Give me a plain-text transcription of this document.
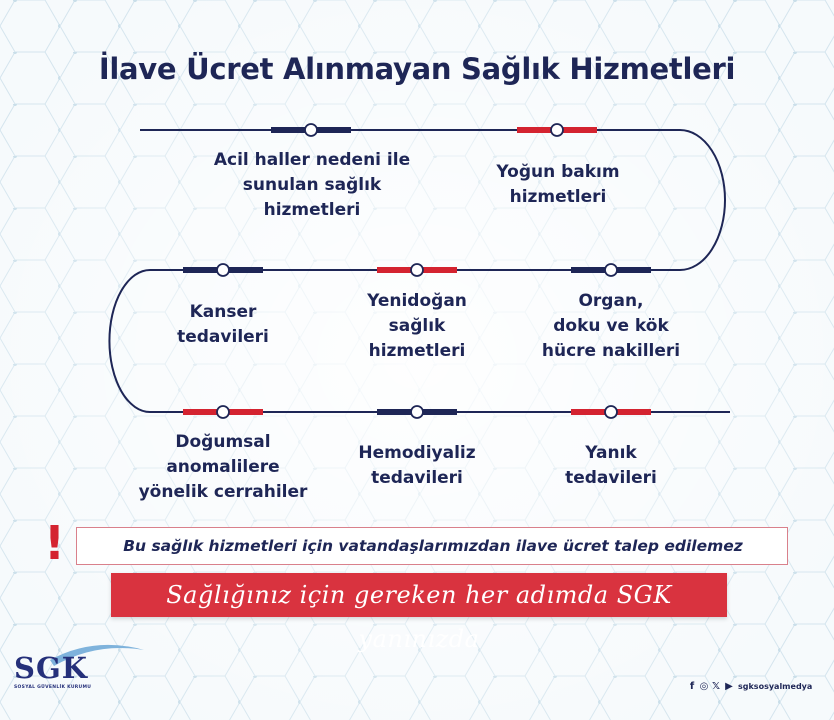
İlave Ücret Alınmayan Sağlık Hizmetleri
Acil haller nedeni ile
sunulan sağlık
hizmetleri
Yoğun bakım
hizmetleri
Kanser
tedavileri
Yenidoğan
sağlık
hizmetleri
Organ,
doku ve kök
hücre nakilleri
Doğumsal
anomalilere
yönelik cerrahiler
Hemodiyaliz
tedavileri
Yanık
tedavileri
!	Bu sağlık hizmetleri için vatandaşlarımızdan ilave ücret talep edilemez
Sağlığınız için gereken her adımda SGK yanınızda
SGK
SOSYAL GÜVENLİK KURUMU	f ◎ 𝕏 ▶ sgksosyalmedya
